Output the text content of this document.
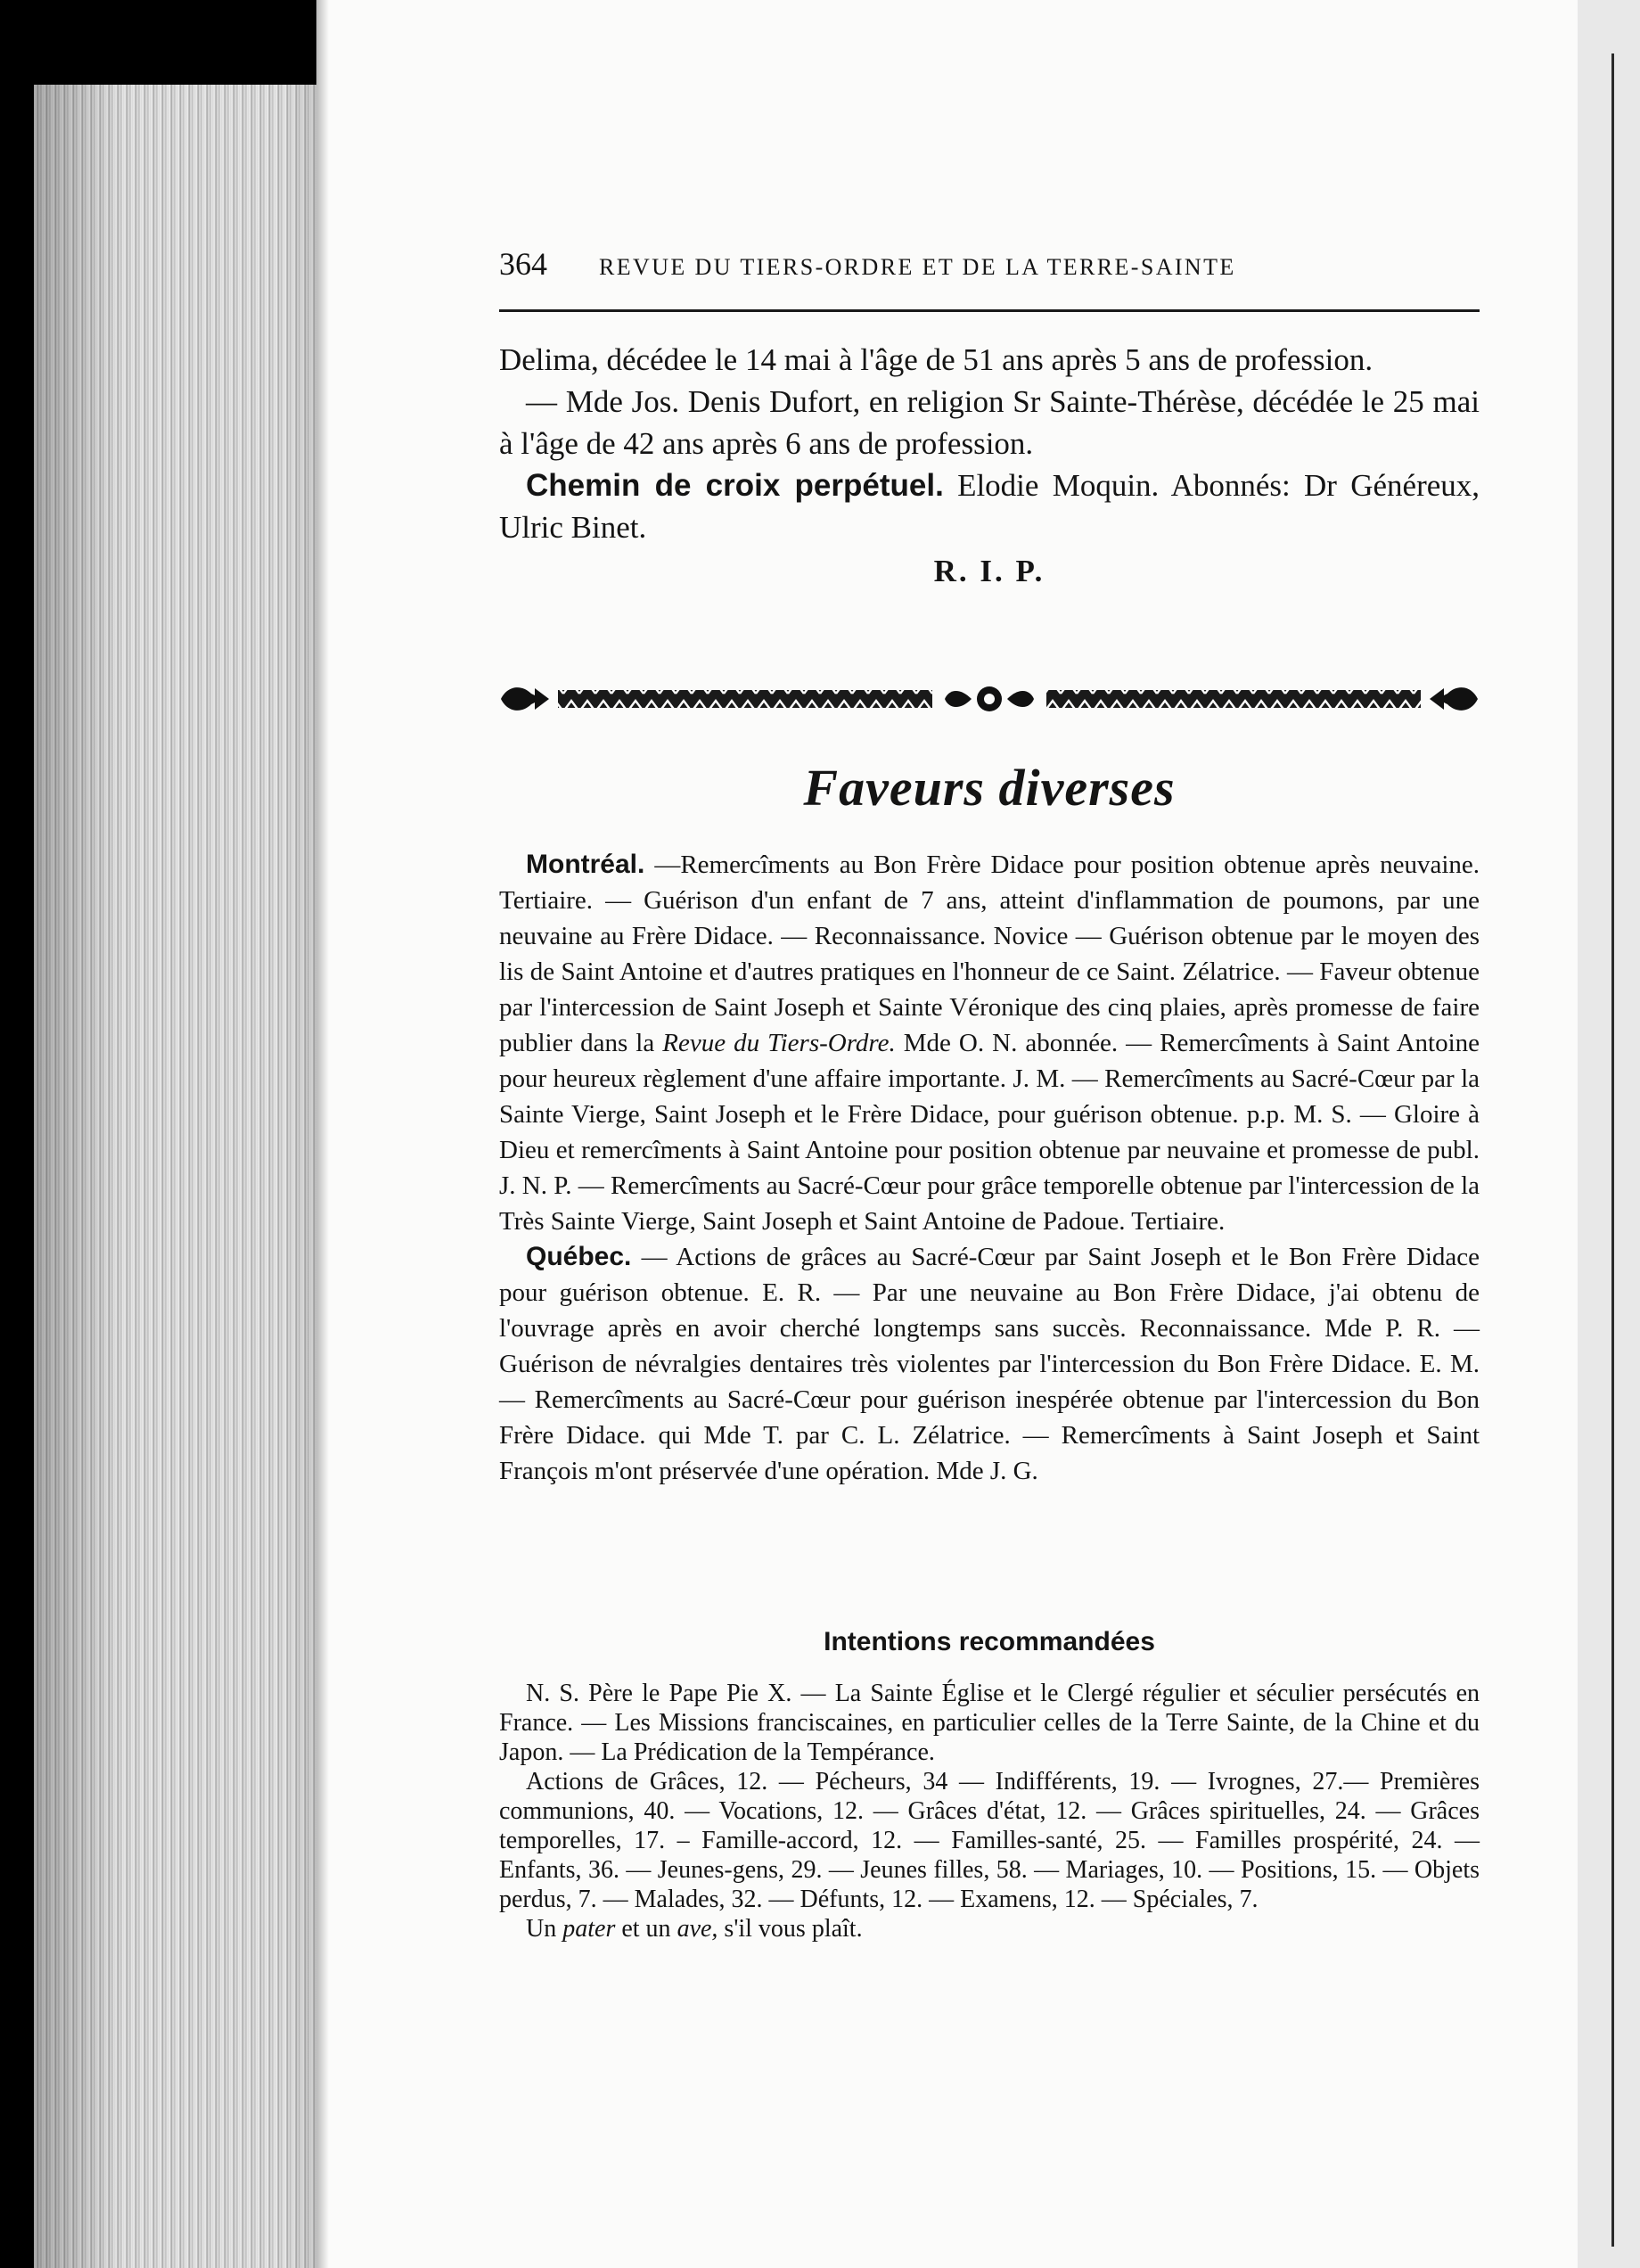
364 REVUE DU TIERS-ORDRE ET DE LA TERRE-SAINTE

Delima, décédee le 14 mai à l'âge de 51 ans après 5 ans de profession.

— Mde Jos. Denis Dufort, en religion Sr Sainte-Thérèse, décédée le 25 mai à l'âge de 42 ans après 6 ans de profession.

Chemin de croix perpétuel. Elodie Moquin. Abonnés: Dr Généreux, Ulric Binet.

R. I. P.

Faveurs diverses

Montréal. —Remercîments au Bon Frère Didace pour position obtenue après neuvaine. Tertiaire. — Guérison d'un enfant de 7 ans, atteint d'inflammation de poumons, par une neuvaine au Frère Didace. — Reconnaissance. Novice — Guérison obtenue par le moyen des lis de Saint Antoine et d'autres pratiques en l'honneur de ce Saint. Zélatrice. — Faveur obtenue par l'intercession de Saint Joseph et Sainte Véronique des cinq plaies, après promesse de faire publier dans la Revue du Tiers-Ordre. Mde O. N. abonnée. — Remercîments à Saint Antoine pour heureux règlement d'une affaire importante. J. M. — Remercîments au Sacré-Cœur par la Sainte Vierge, Saint Joseph et le Frère Didace, pour guérison obtenue. p.p. M. S. — Gloire à Dieu et remercîments à Saint Antoine pour position obtenue par neuvaine et promesse de publ. J. N. P. — Remercîments au Sacré-Cœur pour grâce temporelle obtenue par l'intercession de la Très Sainte Vierge, Saint Joseph et Saint Antoine de Padoue. Tertiaire.

Québec. — Actions de grâces au Sacré-Cœur par Saint Joseph et le Bon Frère Didace pour guérison obtenue. E. R. — Par une neuvaine au Bon Frère Didace, j'ai obtenu de l'ouvrage après en avoir cherché longtemps sans succès. Reconnaissance. Mde P. R. — Guérison de névralgies dentaires très violentes par l'intercession du Bon Frère Didace. E. M. — Remercîments au Sacré-Cœur pour guérison inespérée obtenue par l'intercession du Bon Frère Didace. qui Mde T. par C. L. Zélatrice. — Remercîments à Saint Joseph et Saint François m'ont préservée d'une opération. Mde J. G.

Intentions recommandées

N. S. Père le Pape Pie X. — La Sainte Église et le Clergé régulier et séculier persécutés en France. — Les Missions franciscaines, en particulier celles de la Terre Sainte, de la Chine et du Japon. — La Prédication de la Tempérance.

Actions de Grâces, 12. — Pécheurs, 34 — Indifférents, 19. — Ivrognes, 27.— Premières communions, 40. — Vocations, 12. — Grâces d'état, 12. — Grâces spirituelles, 24. — Grâces temporelles, 17. – Famille-accord, 12. — Familles-santé, 25. — Familles prospérité, 24. — Enfants, 36. — Jeunes-gens, 29. — Jeunes filles, 58. — Mariages, 10. — Positions, 15. — Objets perdus, 7. — Malades, 32. — Défunts, 12. — Examens, 12. — Spéciales, 7.

Un pater et un ave, s'il vous plaît.
